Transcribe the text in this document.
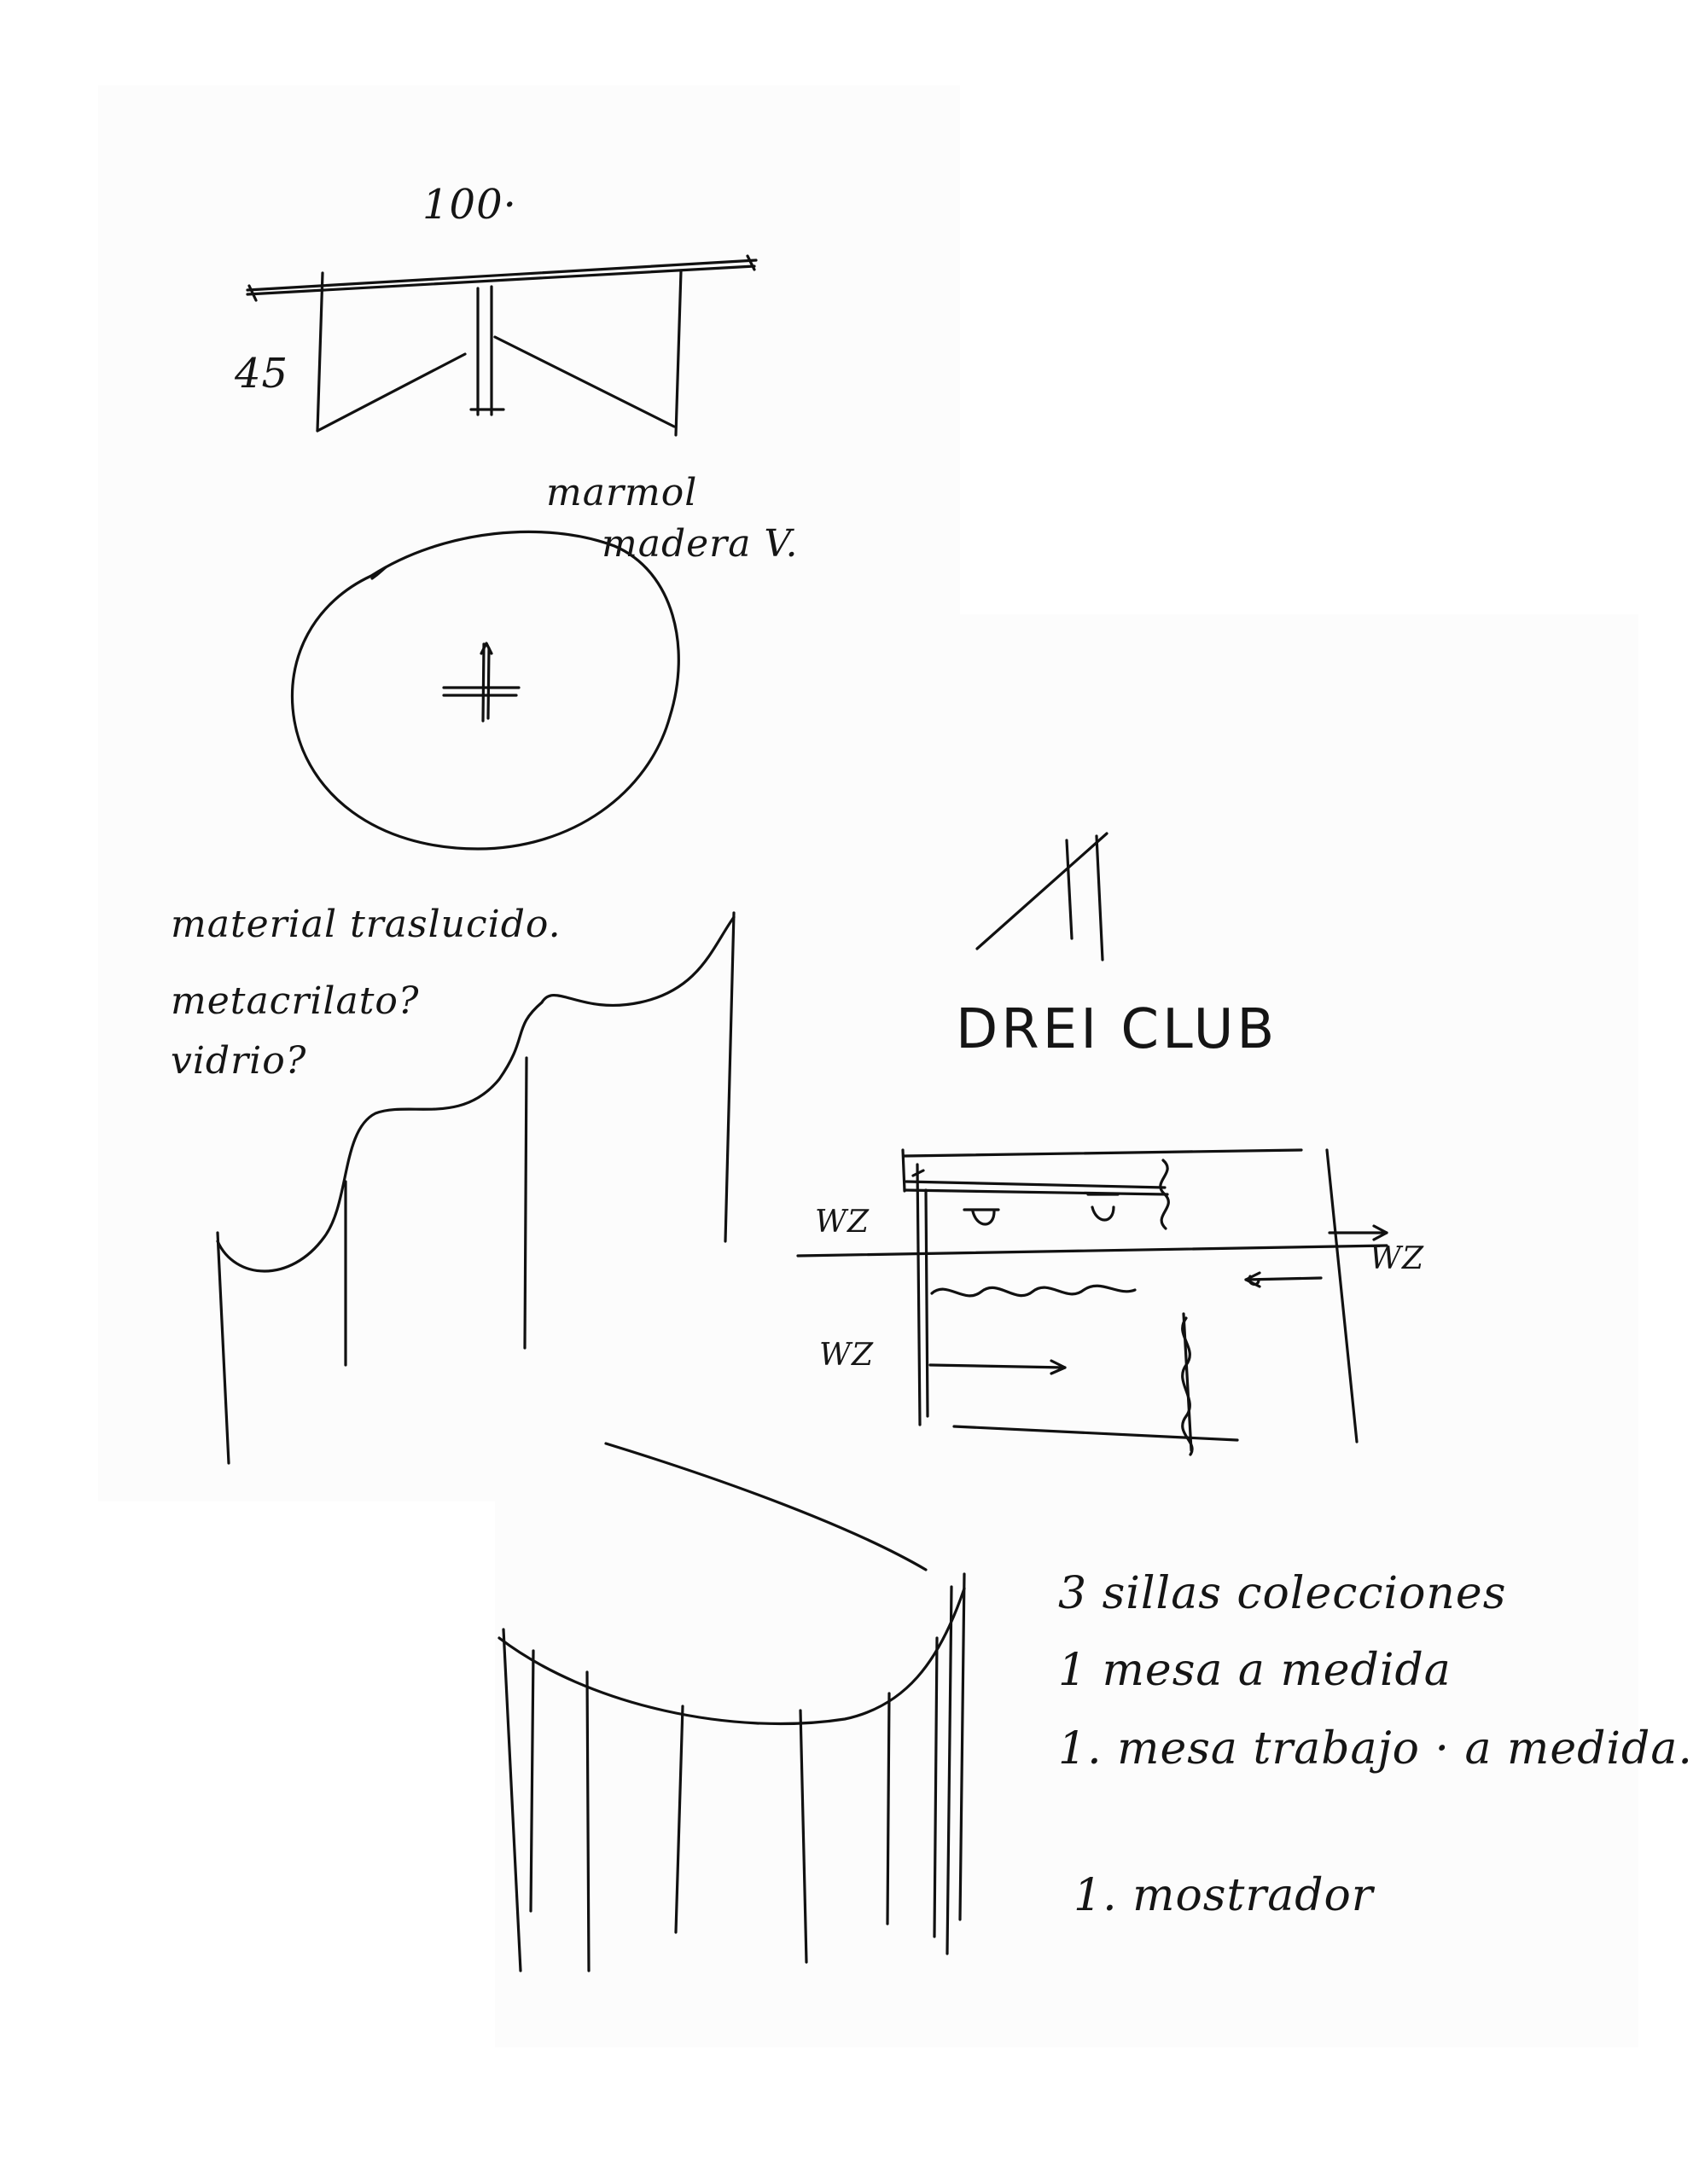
100·
45
marmol
madera V.
material traslucido.
metacrilato?
vidrio?	DREI CLUB
WZ
WZ
WZ
3 sillas colecciones
1 mesa a medida
1. mesa trabajo · a medida.
1. mostrador
